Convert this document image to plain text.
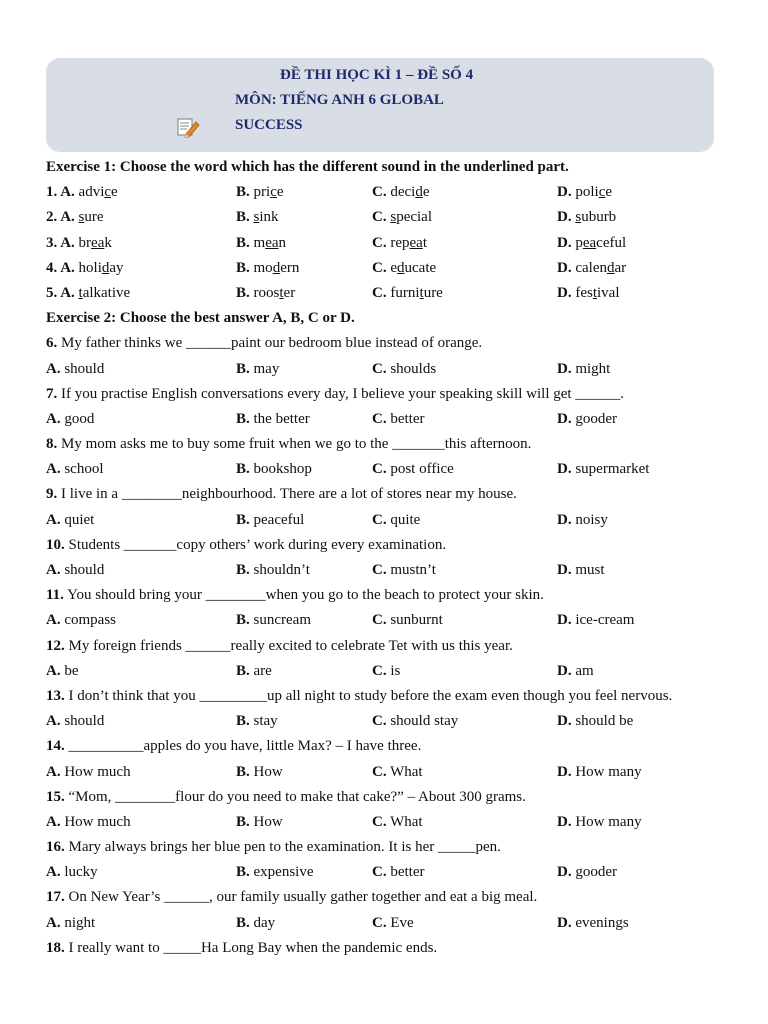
ĐỀ THI HỌC KÌ 1 – ĐỀ SỐ 4
MÔN: TIẾNG ANH 6 GLOBAL
SUCCESS
Exercise 1: Choose the word which has the different sound in the underlined part.
1. A. advice	B. price	C. decide	D. police
2. A. sure	B. sink	C. special	D. suburb
3. A. break	B. mean	C. repeat	D. peaceful
4. A. holiday	B. modern	C. educate	D. calendar
5. A. talkative	B. rooster	C. furniture	D. festival
Exercise 2: Choose the best answer A, B, C or D.
6. My father thinks we ______paint our bedroom blue instead of orange.
A. should	B. may	C. shoulds	D. might
7. If you practise English conversations every day, I believe your speaking skill will get ______.
A. good	B. the better	C. better	D. gooder
8. My mom asks me to buy some fruit when we go to the _______this afternoon.
A. school	B. bookshop	C. post office	D. supermarket
9. I live in a ________neighbourhood. There are a lot of stores near my house.
A. quiet	B. peaceful	C. quite	D. noisy
10. Students _______copy others’ work during every examination.
A. should	B. shouldn’t	C. mustn’t	D. must
11. You should bring your ________when you go to the beach to protect your skin.
A. compass	B. suncream	C. sunburnt	D. ice-cream
12. My foreign friends ______really excited to celebrate Tet with us this year.
A. be	B. are	C. is	D. am
13. I don’t think that you _________up all night to study before the exam even though you feel nervous.
A. should	B. stay	C. should stay	D. should be
14. __________apples do you have, little Max? – I have three.
A. How much	B. How	C. What	D. How many
15. “Mom, ________flour do you need to make that cake?” – About 300 grams.
A. How much	B. How	C. What	D. How many
16. Mary always brings her blue pen to the examination. It is her _____pen.
A. lucky	B. expensive	C. better	D. gooder
17. On New Year’s ______, our family usually gather together and eat a big meal.
A. night	B. day	C. Eve	D. evenings
18. I really want to _____Ha Long Bay when the pandemic ends.
